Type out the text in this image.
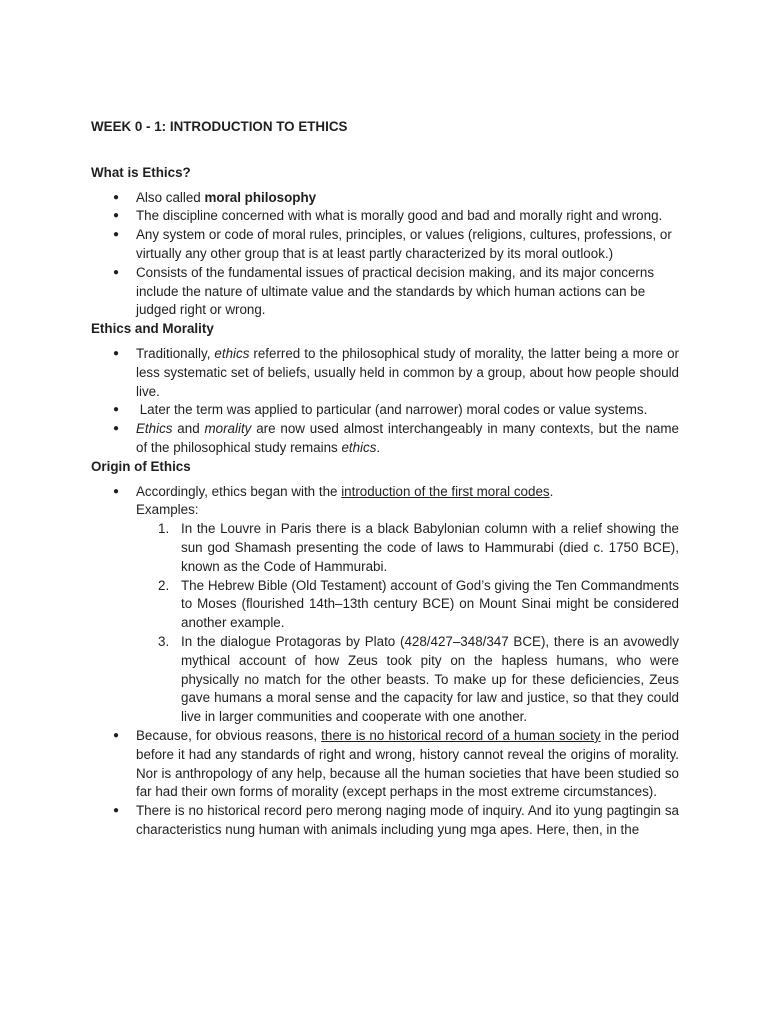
WEEK 0 - 1: INTRODUCTION TO ETHICS
What is Ethics?
● Also called moral philosophy
● The discipline concerned with what is morally good and bad and morally right and wrong.
● Any system or code of moral rules, principles, or values (religions, cultures, professions, or virtually any other group that is at least partly characterized by its moral outlook.)
● Consists of the fundamental issues of practical decision making, and its major concerns include the nature of ultimate value and the standards by which human actions can be judged right or wrong.
Ethics and Morality
● Traditionally, ethics referred to the philosophical study of morality, the latter being a more or less systematic set of beliefs, usually held in common by a group, about how people should live.
● Later the term was applied to particular (and narrower) moral codes or value systems.
● Ethics and morality are now used almost interchangeably in many contexts, but the name of the philosophical study remains ethics.
Origin of Ethics
● Accordingly, ethics began with the introduction of the first moral codes.
Examples:
1. In the Louvre in Paris there is a black Babylonian column with a relief showing the sun god Shamash presenting the code of laws to Hammurabi (died c. 1750 BCE), known as the Code of Hammurabi.
2. The Hebrew Bible (Old Testament) account of God’s giving the Ten Commandments to Moses (flourished 14th–13th century BCE) on Mount Sinai might be considered another example.
3. In the dialogue Protagoras by Plato (428/427–348/347 BCE), there is an avowedly mythical account of how Zeus took pity on the hapless humans, who were physically no match for the other beasts. To make up for these deficiencies, Zeus gave humans a moral sense and the capacity for law and justice, so that they could live in larger communities and cooperate with one another.
● Because, for obvious reasons, there is no historical record of a human society in the period before it had any standards of right and wrong, history cannot reveal the origins of morality. Nor is anthropology of any help, because all the human societies that have been studied so far had their own forms of morality (except perhaps in the most extreme circumstances).
● There is no historical record pero merong naging mode of inquiry. And ito yung pagtingin sa characteristics nung human with animals including yung mga apes. Here, then, in the
